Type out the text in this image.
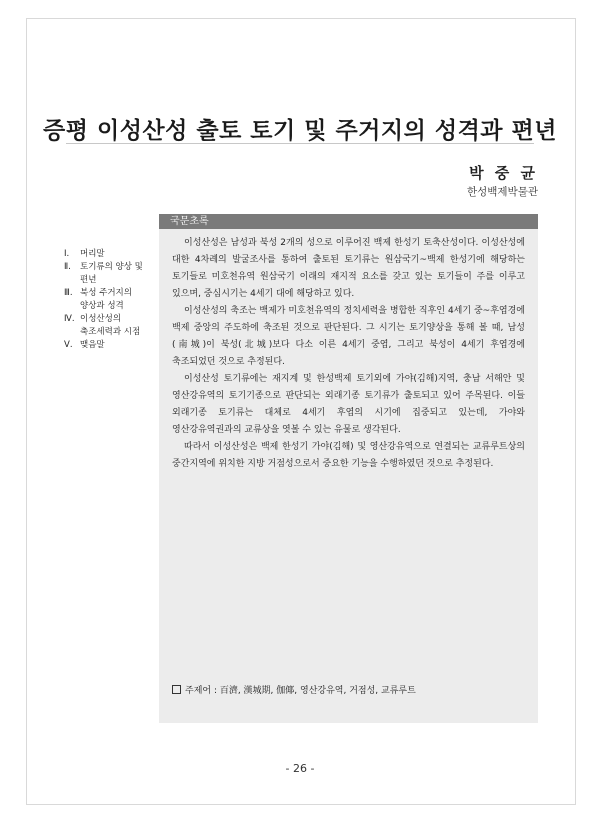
증평 이성산성 출토 토기 및 주거지의 성격과 편년

박 중 균

한성백제박물관

Ⅰ. 머리말
Ⅱ. 토기류의 양상 및
편년
Ⅲ. 북성 주거지의
양상과 성격
Ⅳ. 이성산성의
축조세력과 시점
Ⅴ. 맺음말
국문초록

이성산성은 남성과 북성 2개의 성으로 이루어진 백제 한성기 토축산성이다. 이성산성에 대한 4차례의 발굴조사를 통하여 출토된 토기류는 원삼국기~백제 한성기에 해당하는 토기들로 미호천유역 원삼국기 이래의 재지적 요소를 갖고 있는 토기들이 주를 이루고 있으며, 중심시기는 4세기 대에 해당하고 있다.

이성산성의 축조는 백제가 미호천유역의 정치세력을 병합한 직후인 4세기 중~후엽경에 백제 중앙의 주도하에 축조된 것으로 판단된다. 그 시기는 토기양상을 통해 볼 때, 남성(南城)이 북성(北城)보다 다소 이른 4세기 중엽, 그리고 북성이 4세기 후엽경에 축조되었던 것으로 추정된다.

이성산성 토기류에는 재지계 및 한성백제 토기외에 가야(김해)지역, 충남 서해안 및 영산강유역의 토기기종으로 판단되는 외래기종 토기류가 출토되고 있어 주목된다. 이들 외래기종 토기류는 대체로 4세기 후엽의 시기에 집중되고 있는데, 가야와 영산강유역권과의 교류상을 엿볼 수 있는 유물로 생각된다.

따라서 이성산성은 백제 한성기 가야(김해) 및 영산강유역으로 연결되는 교류루트상의 중간지역에 위치한 지방 거점성으로서 중요한 기능을 수행하였던 것으로 추정된다.

주제어 : 百濟, 漢城期, 伽倻, 영산강유역, 거점성, 교류루트
- 26 -
